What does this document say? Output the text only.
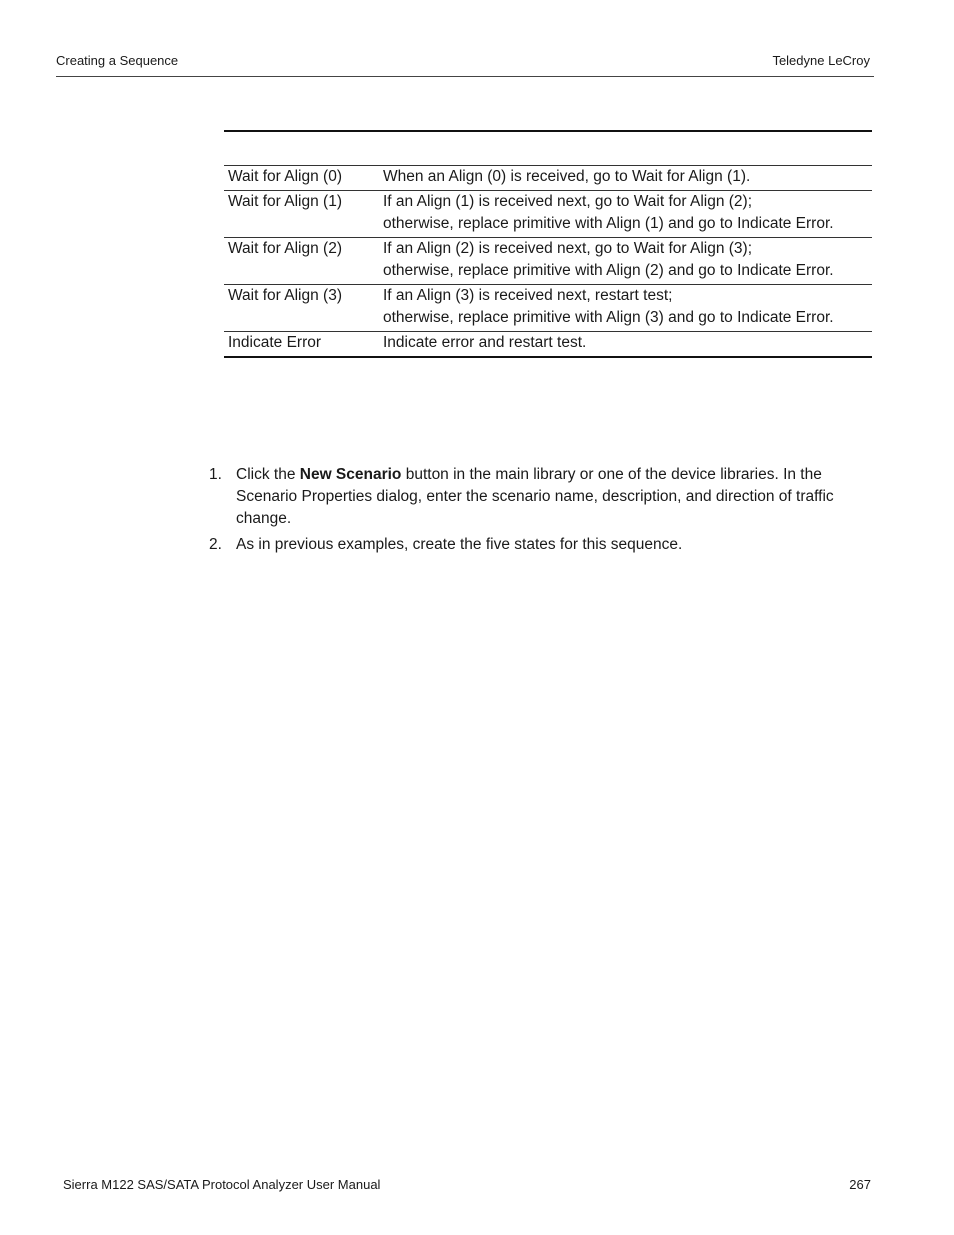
Creating a Sequence	Teledyne LeCroy
Wait for Align (0)	When an Align (0) is received, go to Wait for Align (1).

Wait for Align (1)	If an Align (1) is received next, go to Wait for Align (2);
otherwise, replace primitive with Align (1) and go to Indicate Error.

Wait for Align (2)	If an Align (2) is received next, go to Wait for Align (3);
otherwise, replace primitive with Align (2) and go to Indicate Error.

Wait for Align (3)	If an Align (3) is received next, restart test;
otherwise, replace primitive with Align (3) and go to Indicate Error.

Indicate Error	Indicate error and restart test.
1. Click the New Scenario button in the main library or one of the device libraries. In the Scenario Properties dialog, enter the scenario name, description, and direction of traffic change.
2. As in previous examples, create the five states for this sequence.
Sierra M122 SAS/SATA Protocol Analyzer User Manual	267
